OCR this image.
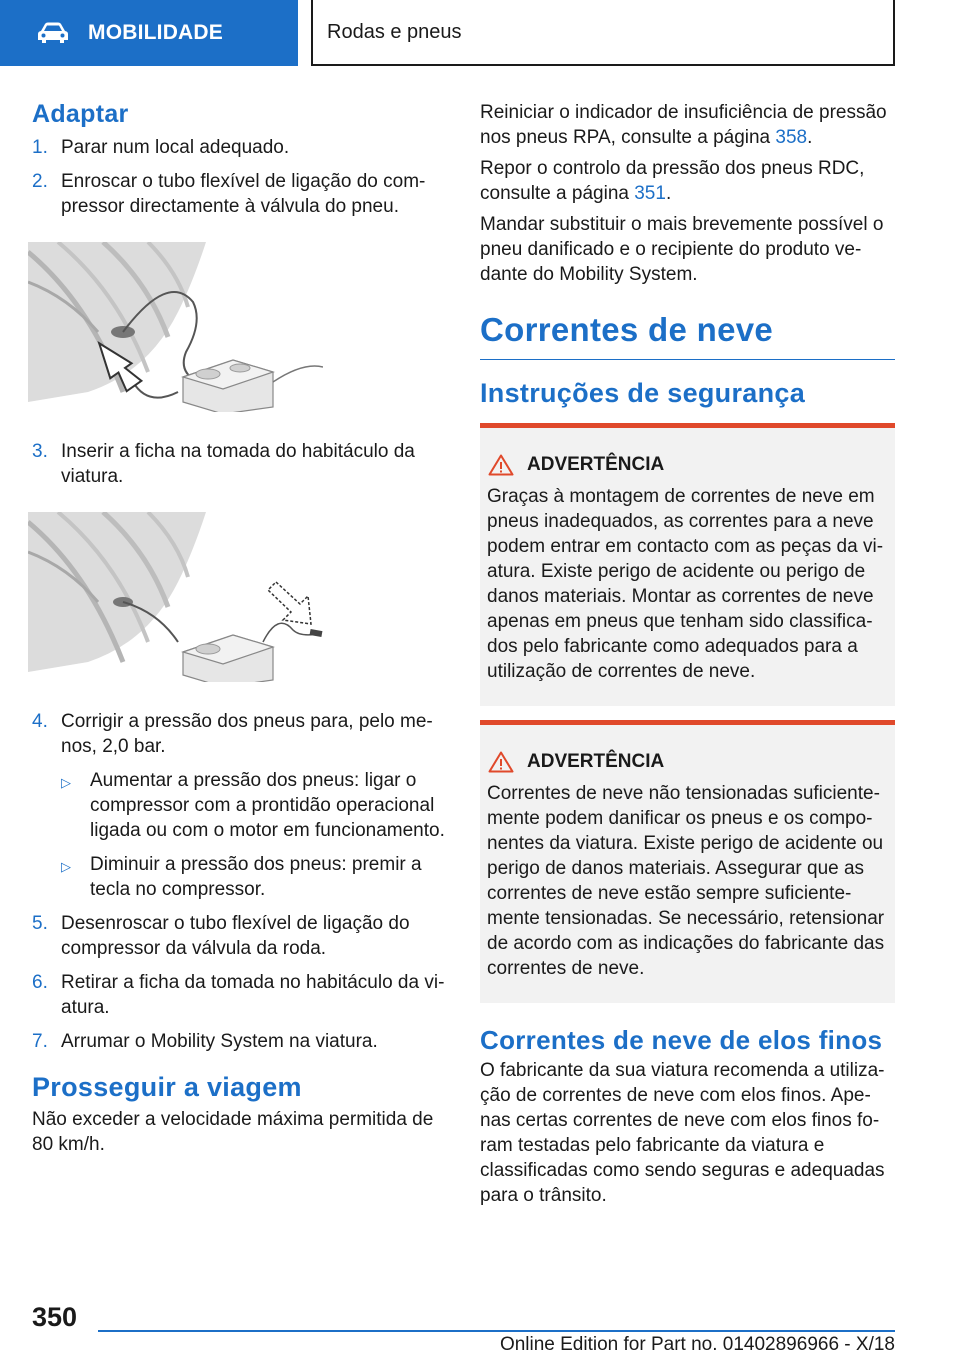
MOBILIDADE	Rodas e pneus
Adaptar
1. Parar num local adequado.
2. Enroscar o tubo flexível de ligação do compressor directamente à válvula do pneu.
3. Inserir a ficha na tomada do habitáculo da viatura.
4. Corrigir a pressão dos pneus para, pelo menos, 2,0 bar.
▷	Aumentar a pressão dos pneus: ligar o compressor com a prontidão operacional ligada ou com o motor em funcionamento.
▷	Diminuir a pressão dos pneus: premir a tecla no compressor.
5. Desenroscar o tubo flexível de ligação do compressor da válvula da roda.
6. Retirar a ficha da tomada no habitáculo da viatura.
7. Arrumar o Mobility System na viatura.
Prosseguir a viagem

Não exceder a velocidade máxima permitida de 80 km/h.

Reiniciar o indicador de insuficiência de pressão nos pneus RPA, consulte a página 358.

Repor o controlo da pressão dos pneus RDC, consulte a página 351.

Mandar substituir o mais brevemente possível o pneu danificado e o recipiente do produto vedante do Mobility System.

Correntes de neve
Instruções de segurança
ADVERTÊNCIA

Graças à montagem de correntes de neve em pneus inadequados, as correntes para a neve podem entrar em contacto com as peças da viatura. Existe perigo de acidente ou perigo de danos materiais. Montar as correntes de neve apenas em pneus que tenham sido classificados pelo fabricante como adequados para a utilização de correntes de neve.

ADVERTÊNCIA

Correntes de neve não tensionadas suficientemente podem danificar os pneus e os componentes da viatura. Existe perigo de acidente ou perigo de danos materiais. Assegurar que as correntes de neve estão sempre suficientemente tensionadas. Se necessário, retensionar de acordo com as indicações do fabricante das correntes de neve.

Correntes de neve de elos finos

O fabricante da sua viatura recomenda a utilização de correntes de neve com elos finos. Apenas certas correntes de neve com elos finos foram testadas pelo fabricante da viatura e classificadas como sendo seguras e adequadas para o trânsito.

350
Online Edition for Part no. 01402896966 - X/18
